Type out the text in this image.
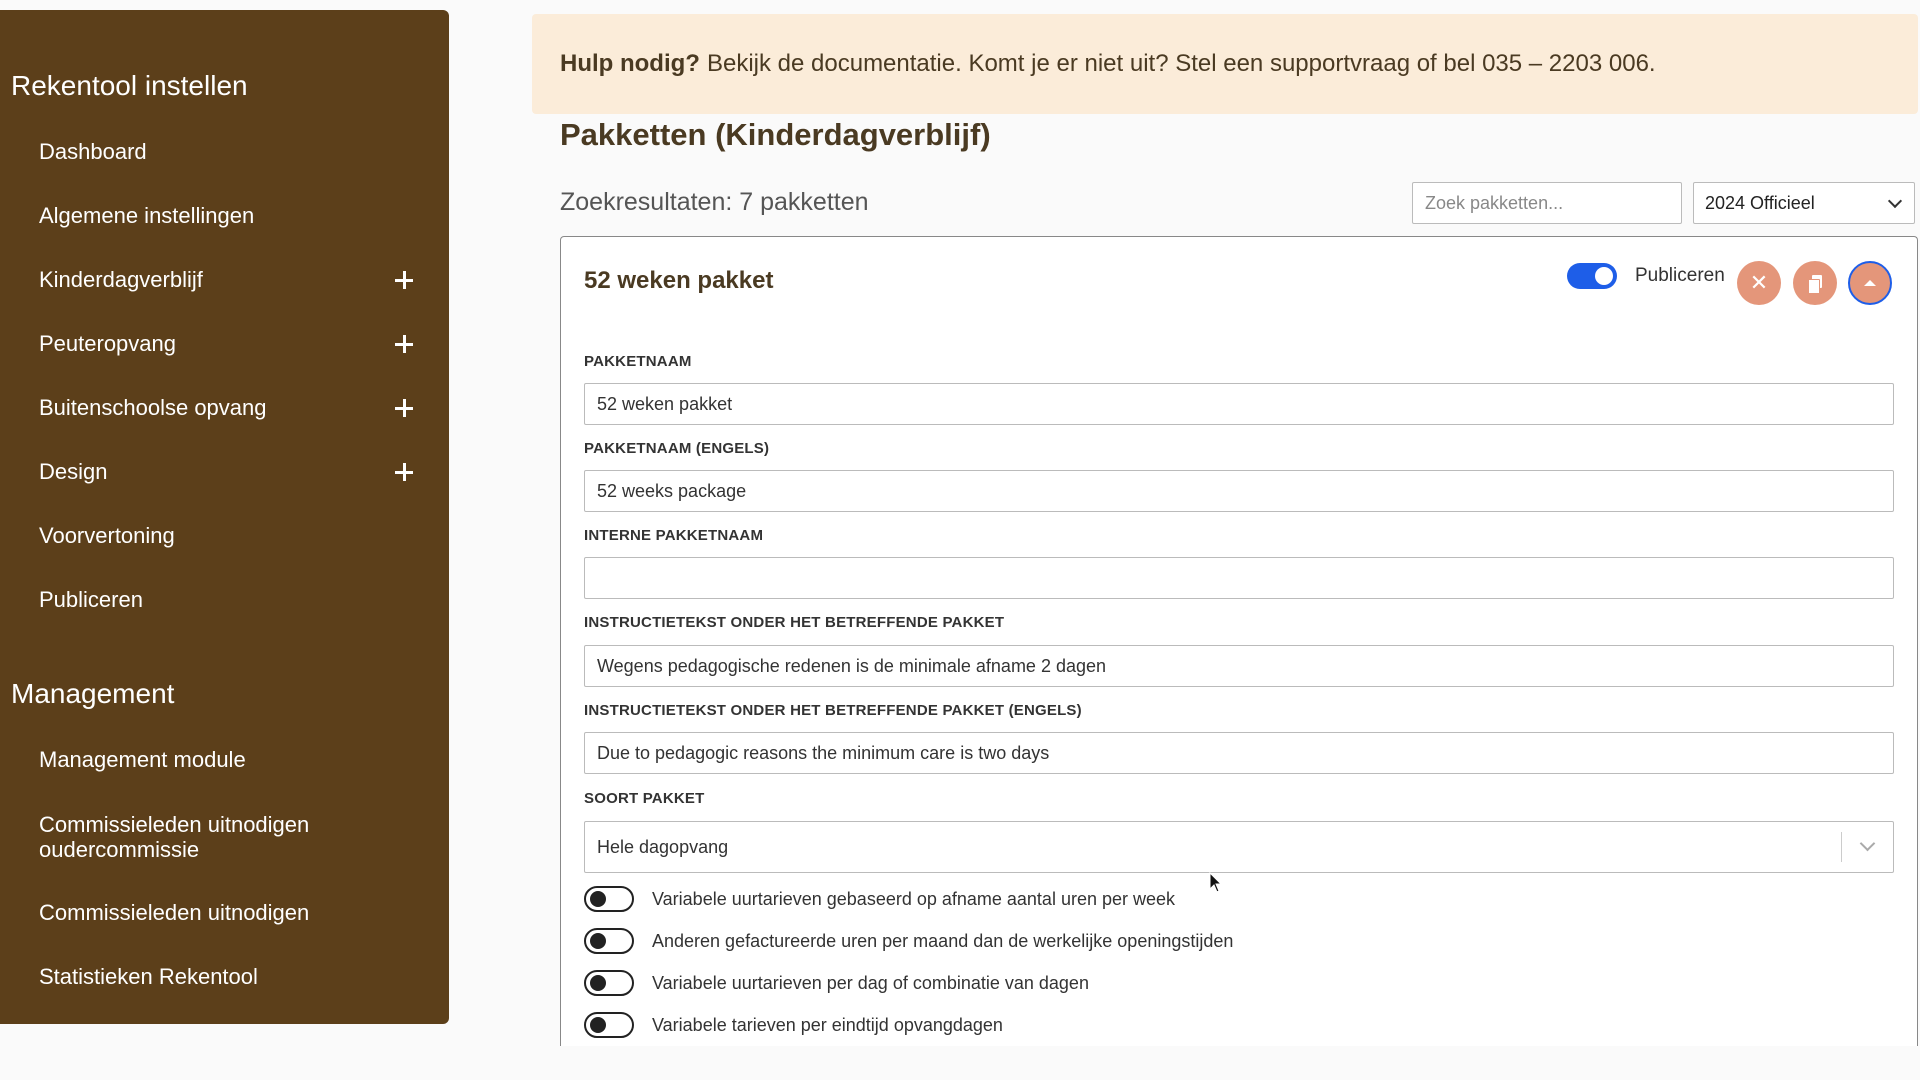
Rekentool instellen
Dashboard
Algemene instellingen
Kinderdagverblijf
Peuteropvang
Buitenschoolse opvang
Design
Voorvertoning
Publiceren
Management
Management module
Commissieleden uitnodigen oudercommissie
Commissieleden uitnodigen
Statistieken Rekentool
Hulp nodig? Bekijk de documentatie. Komt je er niet uit? Stel een supportvraag of bel 035 – 2203 006.
Pakketten (Kinderdagverblijf)
Zoekresultaten: 7 pakketten
Zoek pakketten...	2024 Officieel
52 weken pakket	Publiceren ✕
PAKKETNAAM
52 weken pakket
PAKKETNAAM (ENGELS)
52 weeks package
INTERNE PAKKETNAAM
INSTRUCTIETEKST ONDER HET BETREFFENDE PAKKET
Wegens pedagogische redenen is de minimale afname 2 dagen
INSTRUCTIETEKST ONDER HET BETREFFENDE PAKKET (ENGELS)
Due to pedagogic reasons the minimum care is two days
SOORT PAKKET
Hele dagopvang
Variabele uurtarieven gebaseerd op afname aantal uren per week
Anderen gefactureerde uren per maand dan de werkelijke openingstijden
Variabele uurtarieven per dag of combinatie van dagen
Variabele tarieven per eindtijd opvangdagen
